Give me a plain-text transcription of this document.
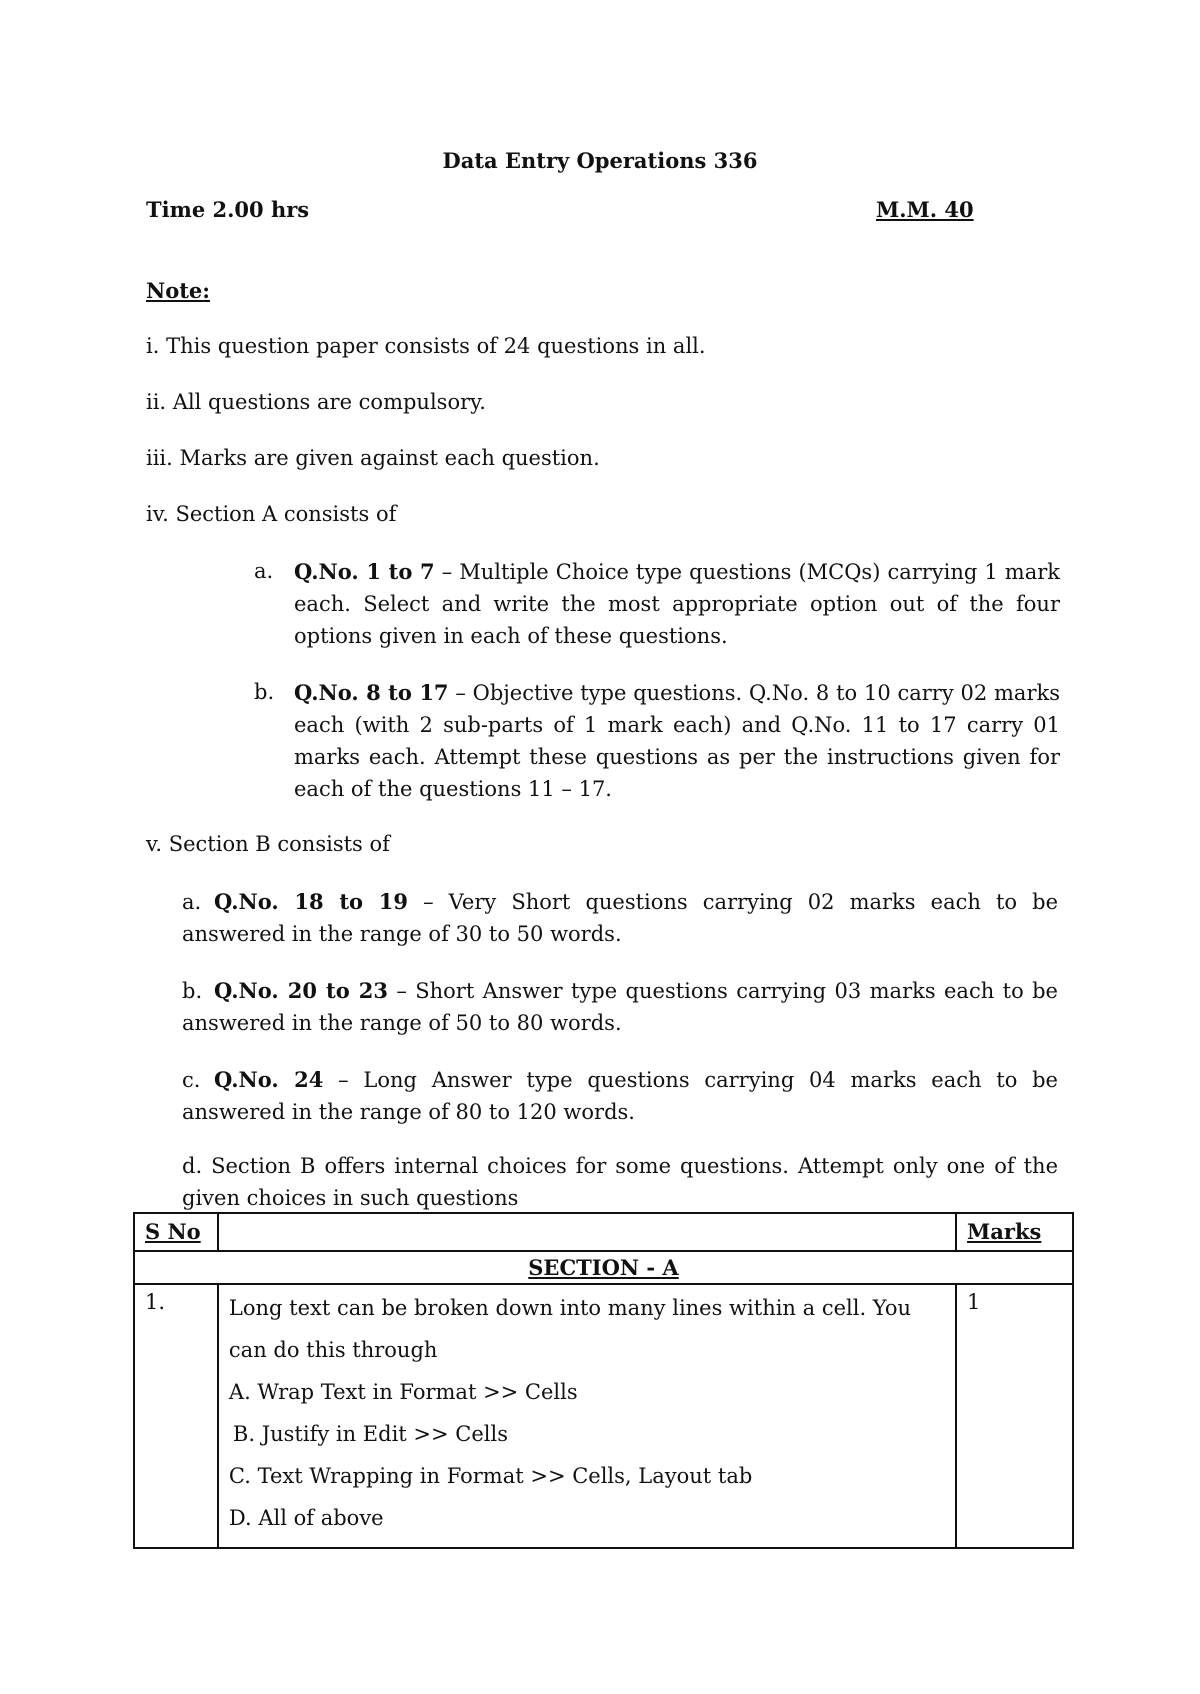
Data Entry Operations 336
Time 2.00 hrs	M.M. 40
Note:
i. This question paper consists of 24 questions in all.
ii. All questions are compulsory.
iii. Marks are given against each question.
iv. Section A consists of
a. Q.No. 1 to 7 – Multiple Choice type questions (MCQs) carrying 1 mark each. Select and write the most appropriate option out of the four options given in each of these questions.
b. Q.No. 8 to 17 – Objective type questions. Q.No. 8 to 10 carry 02 marks each (with 2 sub-parts of 1 mark each) and Q.No. 11 to 17 carry 01 marks each. Attempt these questions as per the instructions given for each of the questions 11 – 17.
v. Section B consists of
a. Q.No. 18 to 19 – Very Short questions carrying 02 marks each to be answered in the range of 30 to 50 words.
b. Q.No. 20 to 23 – Short Answer type questions carrying 03 marks each to be answered in the range of 50 to 80 words.
c. Q.No. 24 – Long Answer type questions carrying 04 marks each to be answered in the range of 80 to 120 words.
d. Section B offers internal choices for some questions. Attempt only one of the given choices in such questions
S No		Marks
SECTION - A		
1.	Long text can be broken down into many lines within a cell. You can do this through
A. Wrap Text in Format >> Cells
B. Justify in Edit >> Cells
C. Text Wrapping in Format >> Cells, Layout tab
D. All of above	1
